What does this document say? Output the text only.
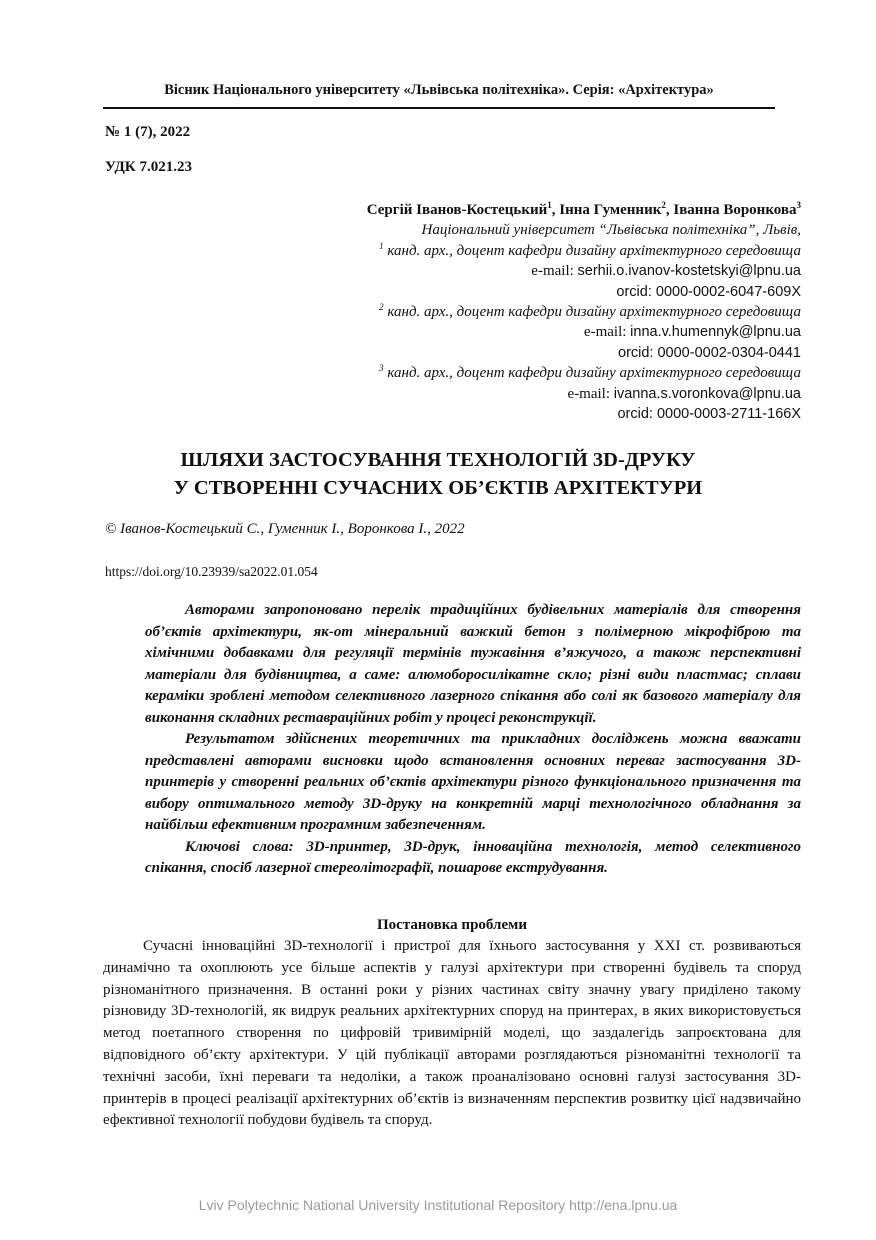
Вісник Національного університету «Львівська політехніка». Серія: «Архітектура»
№ 1 (7), 2022
УДК 7.021.23
Сергій Іванов-Костецький$^1$, Інна Гуменник$^2$, Іванна Воронкова$^3$
Національний університет “Львівська політехніка”, Львів,
$^1$ канд. арх., доцент кафедри дизайну архітектурного середовища
e-mail: serhii.o.ivanov-kostetskyi@lpnu.ua
orcid: 0000-0002-6047-609X
$^2$ канд. арх., доцент кафедри дизайну архітектурного середовища
e-mail: inna.v.humennyk@lpnu.ua
orcid: 0000-0002-0304-0441
$^3$ канд. арх., доцент кафедри дизайну архітектурного середовища
e-mail: ivanna.s.voronkova@lpnu.ua
orcid: 0000-0003-2711-166X
ШЛЯХИ ЗАСТОСУВАННЯ ТЕХНОЛОГІЙ 3D-ДРУКУ
У СТВОРЕННІ СУЧАСНИХ ОБ’ЄКТІВ АРХІТЕКТУРИ
© Іванов-Костецький С., Гуменник І., Воронкова І., 2022
https://doi.org/10.23939/sa2022.01.054

Авторами запропоновано перелік традиційних будівельних матеріалів для створення об’єктів архітектури, як-от мінеральний важкий бетон з полімерною мікрофіброю та хімічними добавками для регуляції термінів тужавіння в’яжучого, а також перспективні матеріали для будівництва, а саме: алюмоборосилікатне скло; різні види пластмас; сплави кераміки зроблені методом селективного лазерного спікання або солі як базового матеріалу для виконання складних реставраційних робіт у процесі реконструкції.

Результатом здійснених теоретичних та прикладних досліджень можна вважати представлені авторами висновки щодо встановлення основних переваг застосування 3D-принтерів у створенні реальних об’єктів архітектури різного функціонального призначення та вибору оптимального методу 3D-друку на конкретній марці технологічного обладнання за найбільш ефективним програмним забезпеченням.

Ключові слова: 3D-принтер, 3D-друк, інноваційна технологія, метод селективного спікання, спосіб лазерної стереолітографії, пошарове екструдування.

Постановка проблеми

Сучасні інноваційні 3D-технології і пристрої для їхнього застосування у XXI ст. розвиваються динамічно та охоплюють усе більше аспектів у галузі архітектури при створенні будівель та споруд різноманітного призначення. В останні роки у різних частинах світу значну увагу приділено такому різновиду 3D-технологій, як видрук реальних архітектурних споруд на принтерах, в яких використовується метод поетапного створення по цифровій тривимірній моделі, що заздалегідь запроєктована для відповідного об’єкту архітектури. У цій публікації авторами розглядаються різноманітні технології та технічні засоби, їхні переваги та недоліки, а також проаналізовано основні галузі застосування 3D-принтерів в процесі реалізації архітектурних об’єктів із визначенням перспектив розвитку цієї надзвичайно ефективної технології побудови будівель та споруд.

Lviv Polytechnic National University Institutional Repository http://ena.lpnu.ua
